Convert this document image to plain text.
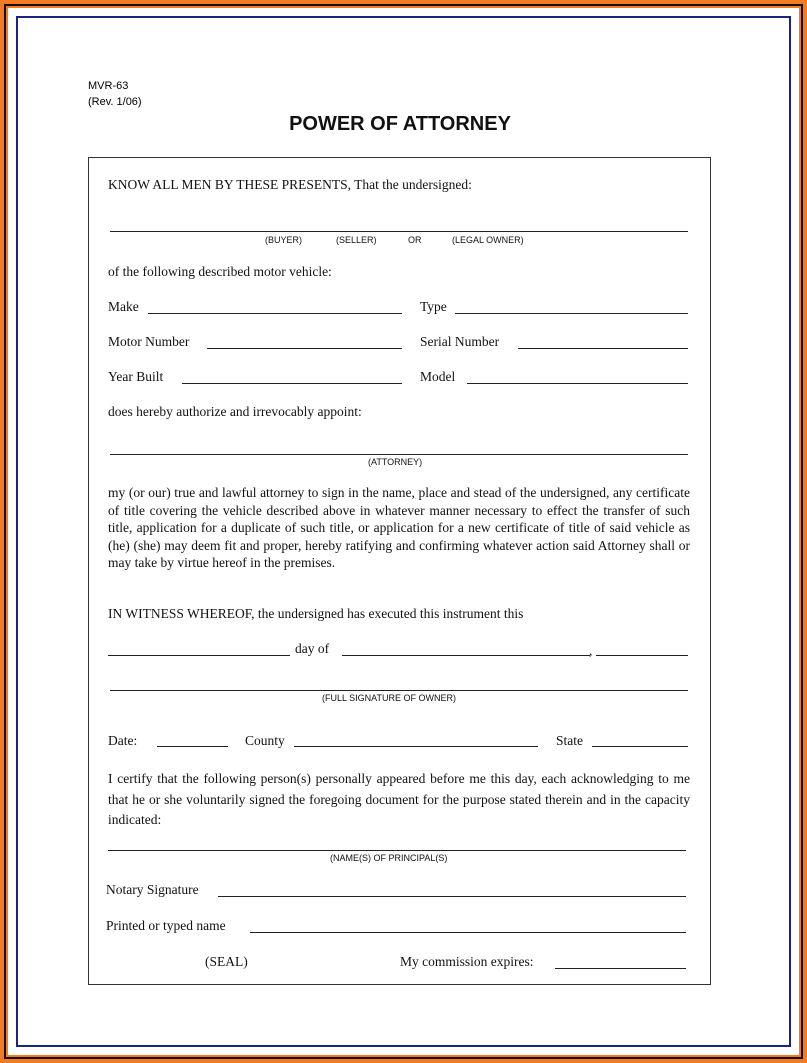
MVR-63
(Rev. 1/06)
POWER OF ATTORNEY
KNOW ALL MEN BY THESE PRESENTS, That the undersigned:
(BUYER)	(SELLER)	OR	(LEGAL OWNER)
of the following described motor vehicle:
Make	Type
Motor Number	Serial Number
Year Built	Model
does hereby authorize and irrevocably appoint:
(ATTORNEY)
my (or our) true and lawful attorney to sign in the name, place and stead of the undersigned, any certificate of title covering the vehicle described above in whatever manner necessary to effect the transfer of such title, application for a duplicate of such title, or application for a new certificate of title of said vehicle as (he) (she) may deem fit and proper, hereby ratifying and confirming whatever action said Attorney shall or may take by virtue hereof in the premises.
IN WITNESS WHEREOF, the undersigned has executed this instrument this
day of	,
(FULL SIGNATURE OF OWNER)
Date:	County	State
I certify that the following person(s) personally appeared before me this day, each acknowledging to me that he or she voluntarily signed the foregoing document for the purpose stated therein and in the capacity indicated:
(NAME(S) OF PRINCIPAL(S)
Notary Signature
Printed or typed name
(SEAL)	My commission expires:
